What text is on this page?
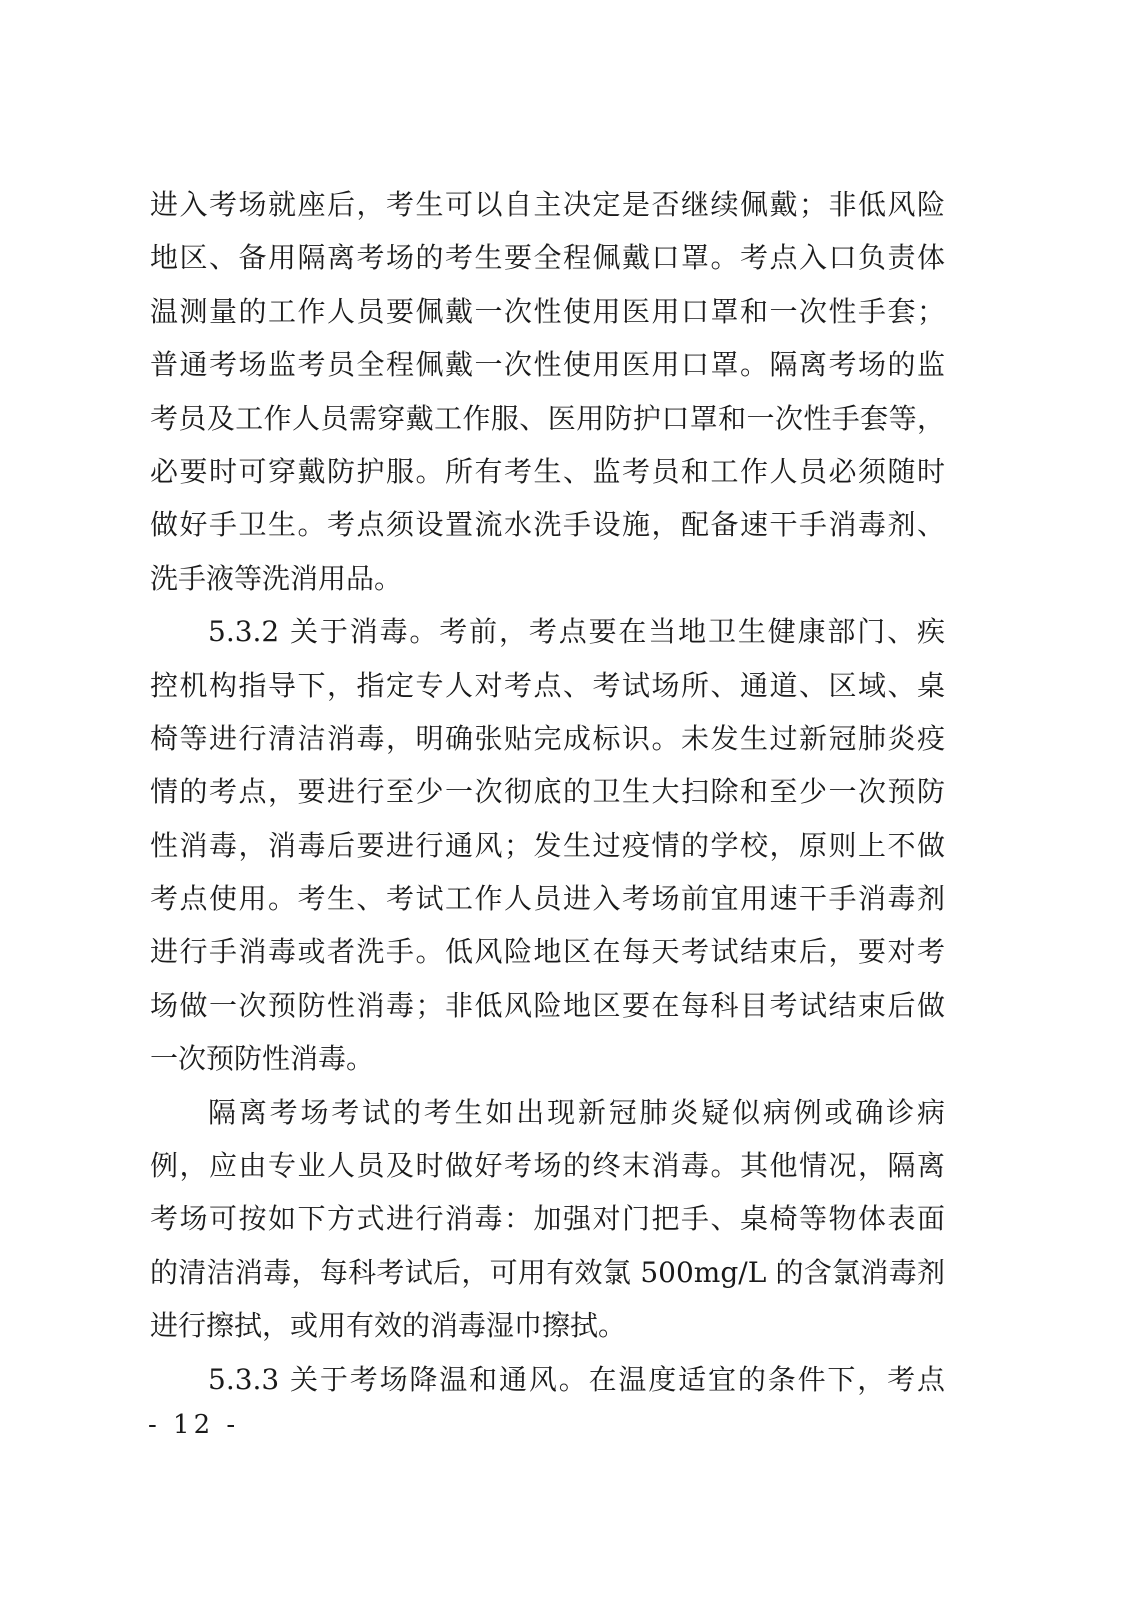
进入考场就座后，考生可以自主决定是否继续佩戴；非低风险
地区、备用隔离考场的考生要全程佩戴口罩。考点入口负责体
温测量的工作人员要佩戴一次性使用医用口罩和一次性手套；
普通考场监考员全程佩戴一次性使用医用口罩。隔离考场的监
考员及工作人员需穿戴工作服、医用防护口罩和一次性手套等，
必要时可穿戴防护服。所有考生、监考员和工作人员必须随时
做好手卫生。考点须设置流水洗手设施，配备速干手消毒剂、
洗手液等洗消用品。
5.3.2 关于消毒。考前，考点要在当地卫生健康部门、疾
控机构指导下，指定专人对考点、考试场所、通道、区域、桌
椅等进行清洁消毒，明确张贴完成标识。未发生过新冠肺炎疫
情的考点，要进行至少一次彻底的卫生大扫除和至少一次预防
性消毒，消毒后要进行通风；发生过疫情的学校，原则上不做
考点使用。考生、考试工作人员进入考场前宜用速干手消毒剂
进行手消毒或者洗手。低风险地区在每天考试结束后，要对考
场做一次预防性消毒；非低风险地区要在每科目考试结束后做
一次预防性消毒。
隔离考场考试的考生如出现新冠肺炎疑似病例或确诊病
例，应由专业人员及时做好考场的终末消毒。其他情况，隔离
考场可按如下方式进行消毒：加强对门把手、桌椅等物体表面
的清洁消毒，每科考试后，可用有效氯 500mg/L 的含氯消毒剂
进行擦拭，或用有效的消毒湿巾擦拭。
5.3.3 关于考场降温和通风。在温度适宜的条件下，考点
- 12 -
